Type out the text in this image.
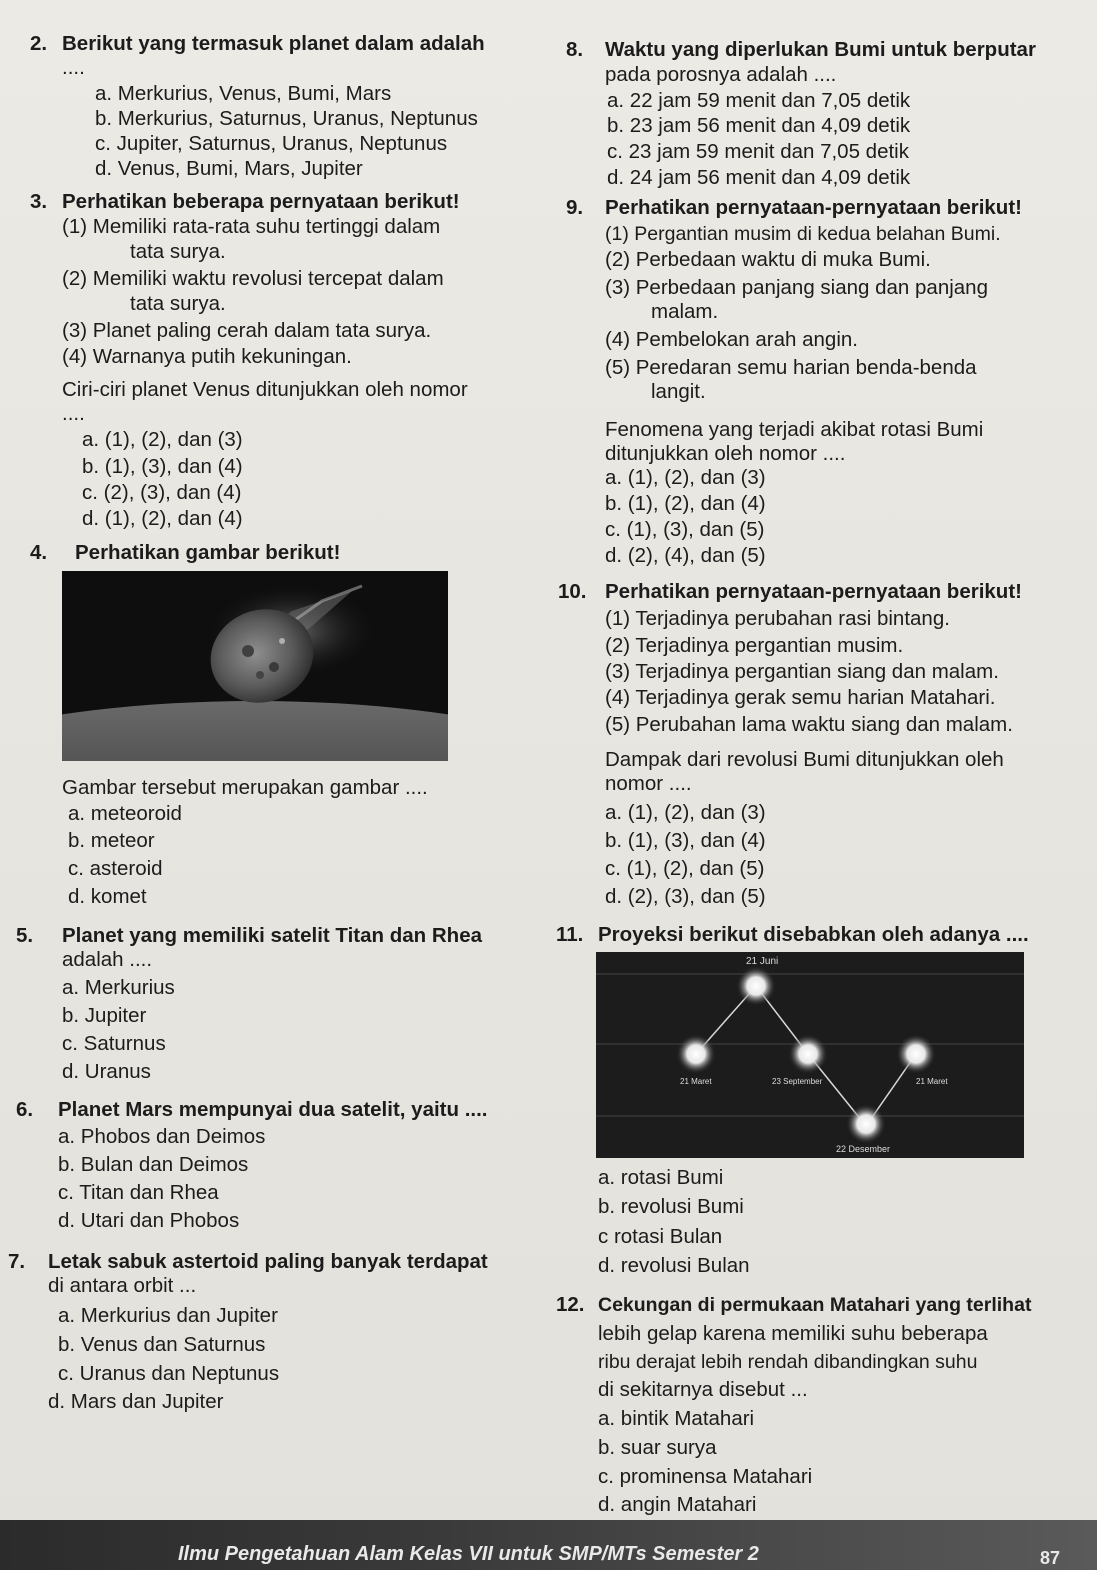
2. Berikut yang termasuk planet dalam adalah
....
a. Merkurius, Venus, Bumi, Mars
b. Merkurius, Saturnus, Uranus, Neptunus
c. Jupiter, Saturnus, Uranus, Neptunus
d. Venus, Bumi, Mars, Jupiter
3. Perhatikan beberapa pernyataan berikut!
(1) Memiliki rata-rata suhu tertinggi dalam
tata surya.
(2) Memiliki waktu revolusi tercepat dalam
tata surya.
(3) Planet paling cerah dalam tata surya.
(4) Warnanya putih kekuningan.
Ciri-ciri planet Venus ditunjukkan oleh nomor
....
a. (1), (2), dan (3)
b. (1), (3), dan (4)
c. (2), (3), dan (4)
d. (1), (2), dan (4)
4. Perhatikan gambar berikut!
Gambar tersebut merupakan gambar ....
a. meteoroid
b. meteor
c. asteroid
d. komet
5. Planet yang memiliki satelit Titan dan Rhea
adalah ....
a. Merkurius
b. Jupiter
c. Saturnus
d. Uranus
6. Planet Mars mempunyai dua satelit, yaitu ....
a. Phobos dan Deimos
b. Bulan dan Deimos
c. Titan dan Rhea
d. Utari dan Phobos
7. Letak sabuk astertoid paling banyak terdapat
di antara orbit ...
a. Merkurius dan Jupiter
b. Venus dan Saturnus
c. Uranus dan Neptunus
d. Mars dan Jupiter
8. Waktu yang diperlukan Bumi untuk berputar
pada porosnya adalah ....
a. 22 jam 59 menit dan 7,05 detik
b. 23 jam 56 menit dan 4,09 detik
c. 23 jam 59 menit dan 7,05 detik
d. 24 jam 56 menit dan 4,09 detik
9. Perhatikan pernyataan-pernyataan berikut!
(1) Pergantian musim di kedua belahan Bumi.
(2) Perbedaan waktu di muka Bumi.
(3) Perbedaan panjang siang dan panjang
malam.
(4) Pembelokan arah angin.
(5) Peredaran semu harian benda-benda
langit.
Fenomena yang terjadi akibat rotasi Bumi
ditunjukkan oleh nomor ....
a. (1), (2), dan (3)
b. (1), (2), dan (4)
c. (1), (3), dan (5)
d. (2), (4), dan (5)
10. Perhatikan pernyataan-pernyataan berikut!
(1) Terjadinya perubahan rasi bintang.
(2) Terjadinya pergantian musim.
(3) Terjadinya pergantian siang dan malam.
(4) Terjadinya gerak semu harian Matahari.
(5) Perubahan lama waktu siang dan malam.
Dampak dari revolusi Bumi ditunjukkan oleh
nomor ....
a. (1), (2), dan (3)
b. (1), (3), dan (4)
c. (1), (2), dan (5)
d. (2), (3), dan (5)
11. Proyeksi berikut disebabkan oleh adanya ....
21 Juni
21 Maret	23 September	21 Maret
22 Desember
a. rotasi Bumi
b. revolusi Bumi
c rotasi Bulan
d. revolusi Bulan
12. Cekungan di permukaan Matahari yang terlihat
lebih gelap karena memiliki suhu beberapa
ribu derajat lebih rendah dibandingkan suhu
di sekitarnya disebut ...
a. bintik Matahari
b. suar surya
c. prominensa Matahari
d. angin Matahari
Ilmu Pengetahuan Alam Kelas VII untuk SMP/MTs Semester 2	87
